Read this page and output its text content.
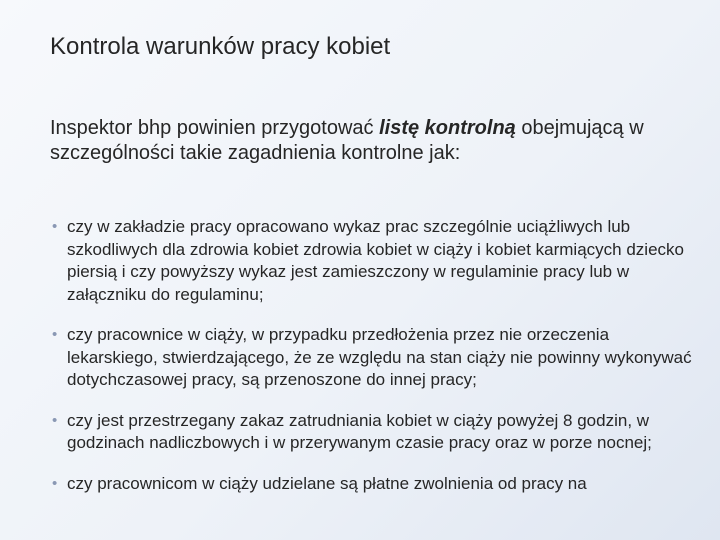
Kontrola warunków pracy kobiet
Inspektor bhp powinien przygotować listę kontrolną obejmującą w szczególności takie zagadnienia kontrolne jak:
• czy w zakładzie pracy opracowano wykaz prac szczególnie uciążliwych lub szkodliwych dla zdrowia kobiet zdrowia kobiet w ciąży i kobiet karmiących dziecko piersią i czy powyższy wykaz jest zamieszczony w regulaminie pracy lub w załączniku do regulaminu;
• czy pracownice w ciąży, w przypadku przedłożenia przez nie orzeczenia lekarskiego, stwierdzającego, że ze względu na stan ciąży nie powinny wykonywać dotychczasowej pracy, są przenoszone do innej pracy;
• czy jest przestrzegany zakaz zatrudniania kobiet w ciąży powyżej 8 godzin, w godzinach nadliczbowych i w przerywanym czasie pracy oraz w porze nocnej;
• czy pracownicom w ciąży udzielane są płatne zwolnienia od pracy na
